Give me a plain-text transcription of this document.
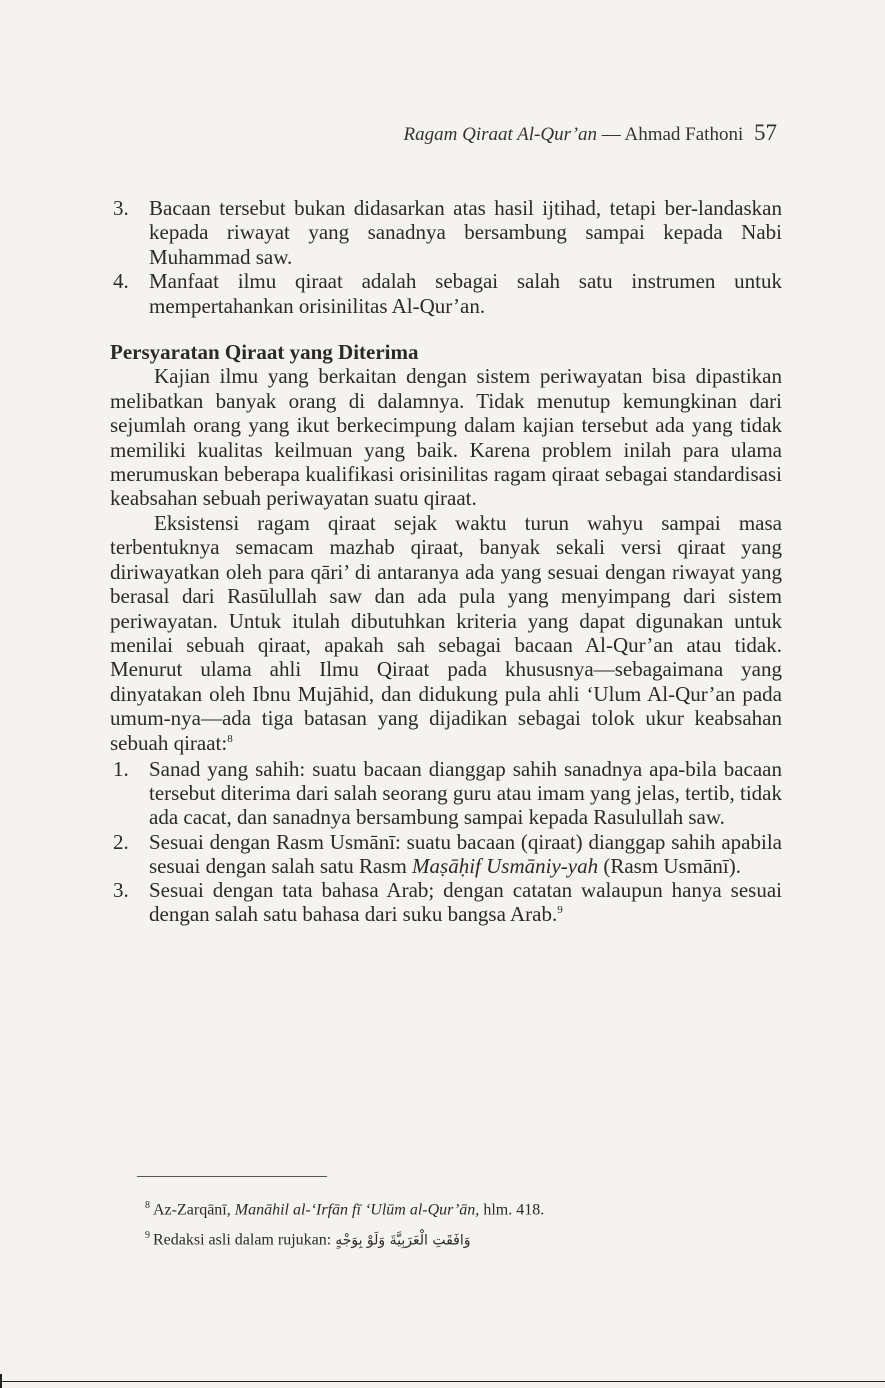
Ragam Qiraat Al-Qur’an — Ahmad Fathoni 57
3. Bacaan tersebut bukan didasarkan atas hasil ijtihad, tetapi ber-landaskan kepada riwayat yang sanadnya bersambung sampai kepada Nabi Muhammad saw.
4. Manfaat ilmu qiraat adalah sebagai salah satu instrumen untuk mempertahankan orisinilitas Al-Qur’an.
Persyaratan Qiraat yang Diterima

Kajian ilmu yang berkaitan dengan sistem periwayatan bisa dipastikan melibatkan banyak orang di dalamnya. Tidak menutup kemungkinan dari sejumlah orang yang ikut berkecimpung dalam kajian tersebut ada yang tidak memiliki kualitas keilmuan yang baik. Karena problem inilah para ulama merumuskan beberapa kualifikasi orisinilitas ragam qiraat sebagai standardisasi keabsahan sebuah periwayatan suatu qiraat.

Eksistensi ragam qiraat sejak waktu turun wahyu sampai masa terbentuknya semacam mazhab qiraat, banyak sekali versi qiraat yang diriwayatkan oleh para qāri’ di antaranya ada yang sesuai dengan riwayat yang berasal dari Rasūlullah saw dan ada pula yang menyimpang dari sistem periwayatan. Untuk itulah dibutuhkan kriteria yang dapat digunakan untuk menilai sebuah qiraat, apakah sah sebagai bacaan Al-Qur’an atau tidak. Menurut ulama ahli Ilmu Qiraat pada khususnya—sebagaimana yang dinyatakan oleh Ibnu Mujāhid, dan didukung pula ahli ‘Ulum Al-Qur’an pada umum-nya—ada tiga batasan yang dijadikan sebagai tolok ukur keabsahan sebuah qiraat:$^8$

1. Sanad yang sahih: suatu bacaan dianggap sahih sanadnya apa-bila bacaan tersebut diterima dari salah seorang guru atau imam yang jelas, tertib, tidak ada cacat, dan sanadnya bersambung sampai kepada Rasulullah saw.
2. Sesuai dengan Rasm Usmānī: suatu bacaan (qiraat) dianggap sahih apabila sesuai dengan salah satu Rasm Maṣāḥif Usmāniy-yah (Rasm Usmānī).
3. Sesuai dengan tata bahasa Arab; dengan catatan walaupun hanya sesuai dengan salah satu bahasa dari suku bangsa Arab.$^9$
$^8$ Az-Zarqānī, Manāhil al-‘Irfān fī ‘Ulūm al-Qur’ān, hlm. 418.
$^9$ Redaksi asli dalam rujukan: وَافَقَتِ الْعَرَبِيَّةَ وَلَوْ بِوَجْهٍ
